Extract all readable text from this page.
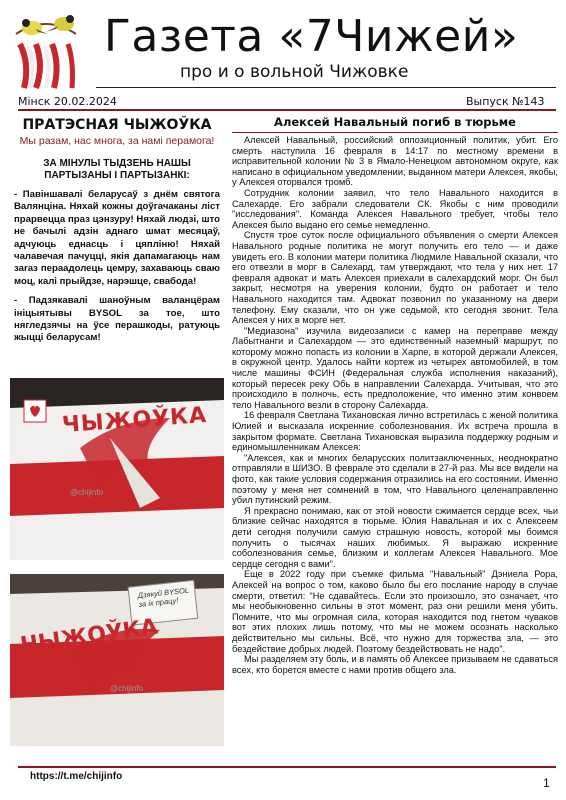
Газета «7Чижей»
про и о вольной Чижовке
Мінск 20.02.2024	Выпуск №143
ПРАТЭСНАЯ ЧЫЖОЎКА
Мы разам, нас многа, за намі перамога!
ЗА МІНУЛЫ ТЫДЗЕНЬ НАШЫ ПАРТЫЗАНЫ І ПАРТЫЗАНКІ:

- Павіншавалі беларусаў з днём святога Валянціна. Няхай кожны доўгачаканы ліст прарвецца праз цэнзуру! Няхай людзі, што не бачылі адзін аднаго шмат месяцаў, адчуюць еднасць і цяпліню! Няхай чалавечая пачуццi, якія дапамагаюць нам заraз пераадолець цемру, захаваюць сваю моц, калі прыйдзе, нарэшце, свабода!

- Падзякавалі шаноўным валанцёрам ініцыятывы BYSOL за тое, што нягледзячы на ўсе перашкоды, ратуюць жыцці беларусам!

ЧЫЖОЎКА
@chijinfo
ЧЫЖОЎКА
Дзякуй BYSOL за іх працу!
@chijinfo
Алексей Навальный погиб в тюрьме

Алексей Навальный, российский оппозиционный политик, убит. Его смерть наступила 16 февраля в 14:17 по местному времени в исправительной колонии № 3 в Ямало-Ненецком автономном округе, как написано в официальном уведомлении, выданном матери Алексея, якобы, у Алексея оторвался тромб.

Сотрудник колонии заявил, что тело Навального находится в Салехарде. Его забрали следователи СК. Якобы с ним проводили "исследования". Команда Алексея Навального требует, чтобы тело Алексея было выдано его семье немедленно.

Спустя трое суток после официального объявления о смерти Алексея Навального родные политика не могут получить его тело — и даже увидеть его. В колонии матери политика Людмиле Навальной сказали, что его отвезли в морг в Салехард, там утверждают, что тела у них нет. 17 февраля адвокат и мать Алексея приехали в салехардский морг. Он был закрыт, несмотря на уверения колонии, будто он работает и тело Навального находится там. Адвокат позвонил по указанному на двери телефону. Ему сказали, что он уже седьмой, кто сегодня звонит. Тела Алексея у них в морге нет.

"Медиазона" изучила видеозаписи с камер на переправе между Лабытнанги и Салехардом — это единственный наземный маршрут, по которому можно попасть из колонии в Харпе, в которой держали Алексея, в окружной центр. Удалось найти кортеж из четырех автомобилей, в том числе машины ФСИН (Федеральная служба исполнения наказаний), который пересек реку Обь в направлении Салехарда. Учитывая, что это происходило в полночь, есть предположение, что именно этим конвоем тело Навального везли в сторону Салехарда.

16 февраля Светлана Тихановская лично встретилась с женой политика Юлией и высказала искренние соболезнования. Их встреча прошла в закрытом формате. Светлана Тихановская выразила поддержку родным и единомышленникам Алексея:

"Алексея, как и многих беларусских политзаключенных, неоднократно отправляли в ШИЗО. В феврале это сделали в 27-й раз. Мы все видели на фото, как такие условия содержания отразились на его состоянии. Именно поэтому у меня нет сомнений в том, что Навального целенаправленно убил путинский режим.

Я прекрасно понимаю, как от этой новости сжимается сердце всех, чьи близкие сейчас находятся в тюрьме. Юлия Навальная и их с Алексеем дети сегодня получили самую страшную новость, которой мы боимся получить о тысячах наших любимых. Я выражаю искренние соболезнования семье, близким и коллегам Алексея Навального. Мое сердце сегодня с вами".

Еще в 2022 году при съемке фильма "Навальный" Дэниела Рора, Алексей на вопрос о том, каково было бы его послание народу в случае смерти, ответил: "Не сдавайтесь. Если это произошло, это означает, что мы необыкновенно сильны в этот момент, раз они решили меня убить. Помните, что мы огромная сила, которая находится под гнетом чуваков вот этих плохих лишь потому, что мы не можем осознать насколько действительно мы сильны. Всё, что нужно для торжества зла, — это бездействие добрых людей. Поэтому бездействовать не надо".

Мы разделяем эту боль, и в память об Алексее призываем не сдаваться всех, кто борется вместе с нами против общего зла.

https://t.me/chijinfo	1
